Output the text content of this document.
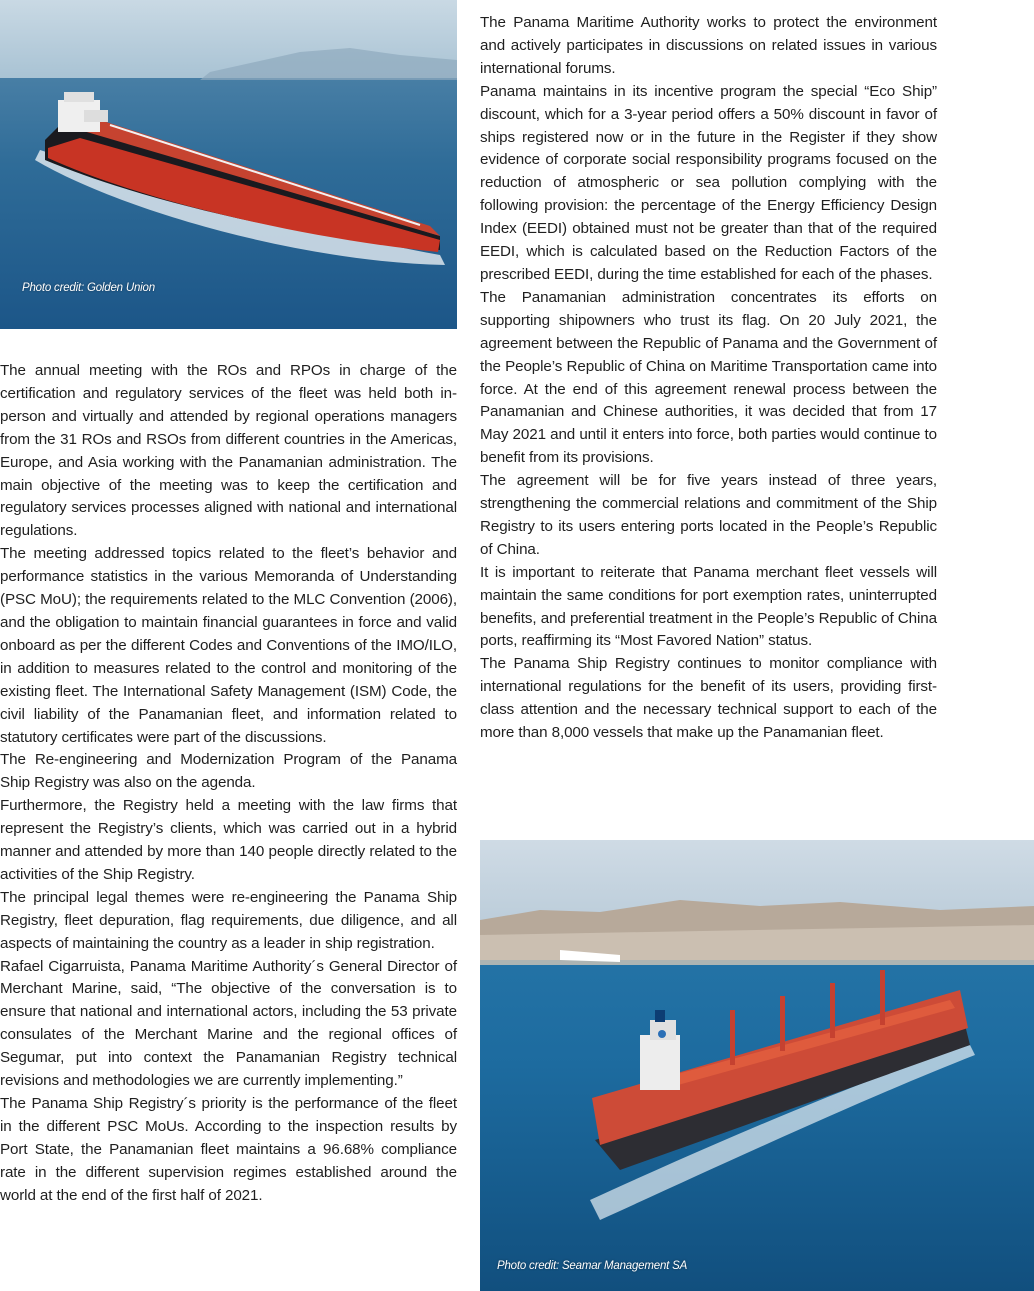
Photo credit: Golden Union
Photo credit: Seamar Management SA

The annual meeting with the ROs and RPOs in charge of the certification and regulatory services of the fleet was held both in-person and virtually and attended by regional operations managers from the 31 ROs and RSOs from different countries in the Americas, Europe, and Asia working with the Panamanian administration. The main objective of the meeting was to keep the certification and regulatory services processes aligned with national and international regulations.

The meeting addressed topics related to the fleet’s behavior and performance statistics in the various Memoranda of Understanding (PSC MoU); the requirements related to the MLC Convention (2006), and the obligation to maintain financial guarantees in force and valid onboard as per the different Codes and Conventions of the IMO/ILO, in addition to measures related to the control and monitoring of the existing fleet. The International Safety Management (ISM) Code, the civil liability of the Panamanian fleet, and information related to statutory certificates were part of the discussions.

The Re-engineering and Modernization Program of the Panama Ship Registry was also on the agenda.

Furthermore, the Registry held a meeting with the law firms that represent the Registry’s clients, which was carried out in a hybrid manner and attended by more than 140 people directly related to the activities of the Ship Registry.

The principal legal themes were re-engineering the Panama Ship Registry, fleet depuration, flag requirements, due diligence, and all aspects of maintaining the country as a leader in ship registration.

Rafael Cigarruista, Panama Maritime Authority´s General Director of Merchant Marine, said, “The objective of the conversation is to ensure that national and international actors, including the 53 private consulates of the Merchant Marine and the regional offices of Segumar, put into context the Panamanian Registry technical revisions and methodologies we are currently implementing.”

The Panama Ship Registry´s priority is the performance of the fleet in the different PSC MoUs. According to the inspection results by Port State, the Panamanian fleet maintains a 96.68% compliance rate in the different supervision regimes established around the world at the end of the first half of 2021.

The Panama Maritime Authority works to protect the environment and actively participates in discussions on related issues in various international forums.

Panama maintains in its incentive program the special “Eco Ship” discount, which for a 3-year period offers a 50% discount in favor of ships registered now or in the future in the Register if they show evidence of corporate social responsibility programs focused on the reduction of atmospheric or sea pollution complying with the following provision: the percentage of the Energy Efficiency Design Index (EEDI) obtained must not be greater than that of the required EEDI, which is calculated based on the Reduction Factors of the prescribed EEDI, during the time established for each of the phases.

The Panamanian administration concentrates its efforts on supporting shipowners who trust its flag. On 20 July 2021, the agreement between the Republic of Panama and the Government of the People’s Republic of China on Maritime Transportation came into force. At the end of this agreement renewal process between the Panamanian and Chinese authorities, it was decided that from 17 May 2021 and until it enters into force, both parties would continue to benefit from its provisions.

The agreement will be for five years instead of three years, strengthening the commercial relations and commitment of the Ship Registry to its users entering ports located in the People’s Republic of China.

It is important to reiterate that Panama merchant fleet vessels will maintain the same conditions for port exemption rates, uninterrupted benefits, and preferential treatment in the People’s Republic of China ports, reaffirming its “Most Favored Nation” status.

The Panama Ship Registry continues to monitor compliance with international regulations for the benefit of its users, providing first-class attention and the necessary technical support to each of the more than 8,000 vessels that make up the Panamanian fleet.
